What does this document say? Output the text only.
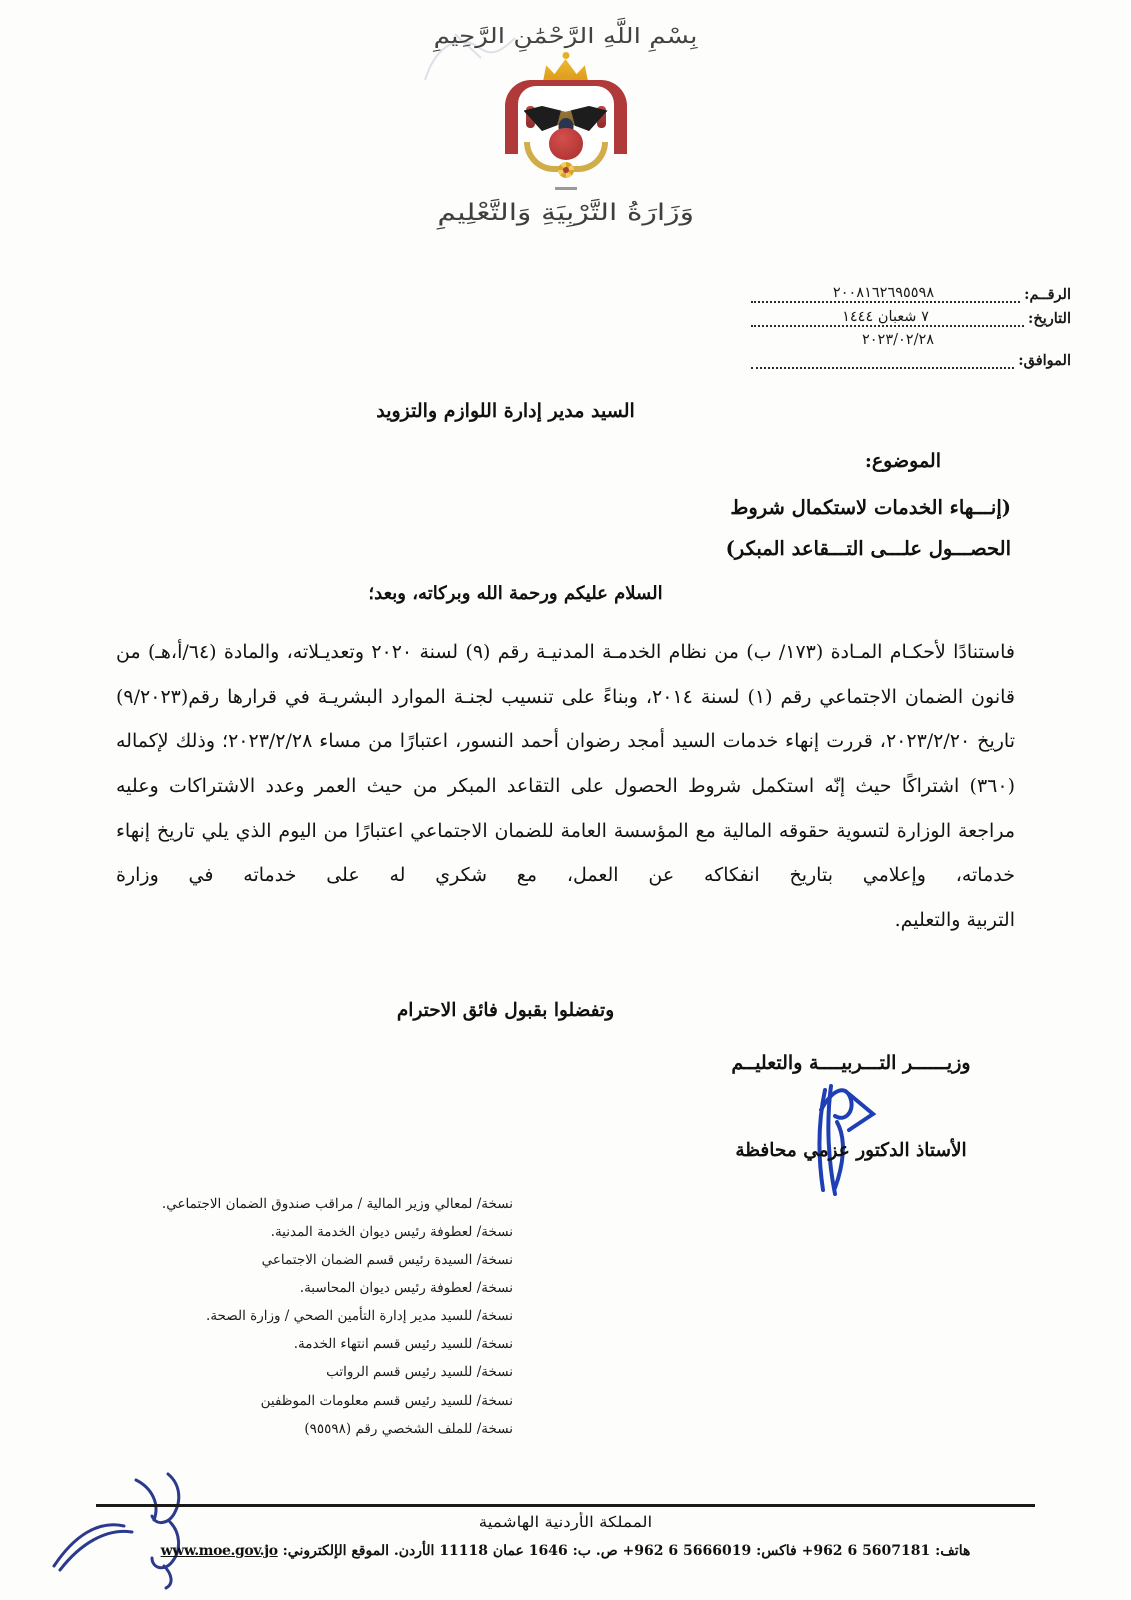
بِسْمِ اللَّهِ الرَّحْمَٰنِ الرَّحِيمِ
وَزَارَةُ التَّرْبِيَةِ وَالتَّعْلِيمِ
الرقــم:
٢٠٠٨١٦٢٦٩٥٥٩٨
التاريخ:
٧ شعبان ١٤٤٤
٢٠٢٣/٠٢/٢٨
الموافق:
السيد مدير إدارة اللوازم والتزويد
الموضوع:
(إنـــهاء الخدمات لاستكمال شروط
الحصـــول علـــى التـــقاعد المبكر)
السلام عليكم ورحمة الله وبركاته، وبعد؛

فاستنادًا لأحكـام المـادة (١٧٣/ ب) من نظام الخدمـة المدنيـة رقم (٩) لسنة ٢٠٢٠ وتعديـلاته، والمادة (٦٤/أ،هـ) من قانون الضمان الاجتماعي رقم (١) لسنة ٢٠١٤، وبناءً على تنسيب لجنـة الموارد البشريـة في قرارها رقم(٩/٢٠٢٣) تاريخ ٢٠٢٣/٢/٢٠، قررت إنهاء خدمات السيد أمجد رضوان أحمد النسور، اعتبارًا من مساء ٢٠٢٣/٢/٢٨؛ وذلك لإكماله (٣٦٠) اشتراكًا حيث إنّه استكمل شروط الحصول على التقاعد المبكر من حيث العمر وعدد الاشتراكات وعليه مراجعة الوزارة لتسوية حقوقه المالية مع المؤسسة العامة للضمان الاجتماعي اعتبارًا من اليوم الذي يلي تاريخ إنهاء خدماته، وإعلامي بتاريخ انفكاكه عن العمل، مع شكري له على خدماته في وزارة

التربية والتعليم.

وتفضلوا بقبول فائق الاحترام
وزيــــــر التـــربيــــة والتعليــم
الأستاذ الدكتور عزمي محافظة
نسخة/ لمعالي وزير المالية / مراقب صندوق الضمان الاجتماعي.
نسخة/ لعطوفة رئيس ديوان الخدمة المدنية.
نسخة/ السيدة رئيس قسم الضمان الاجتماعي
نسخة/ لعطوفة رئيس ديوان المحاسبة.
نسخة/ للسيد مدير إدارة التأمين الصحي / وزارة الصحة.
نسخة/ للسيد رئيس قسم انتهاء الخدمة.
نسخة/ للسيد رئيس قسم الرواتب
نسخة/ للسيد رئيس قسم معلومات الموظفين
نسخة/ للملف الشخصي رقم (٩٥٥٩٨)
المملكة الأردنية الهاشمية
هاتف: 5607181 6 962+ فاكس: 5666019 6 962+ ص. ب: 1646 عمان 11118 الأردن. الموقع الإلكتروني: www.moe.gov.jo
